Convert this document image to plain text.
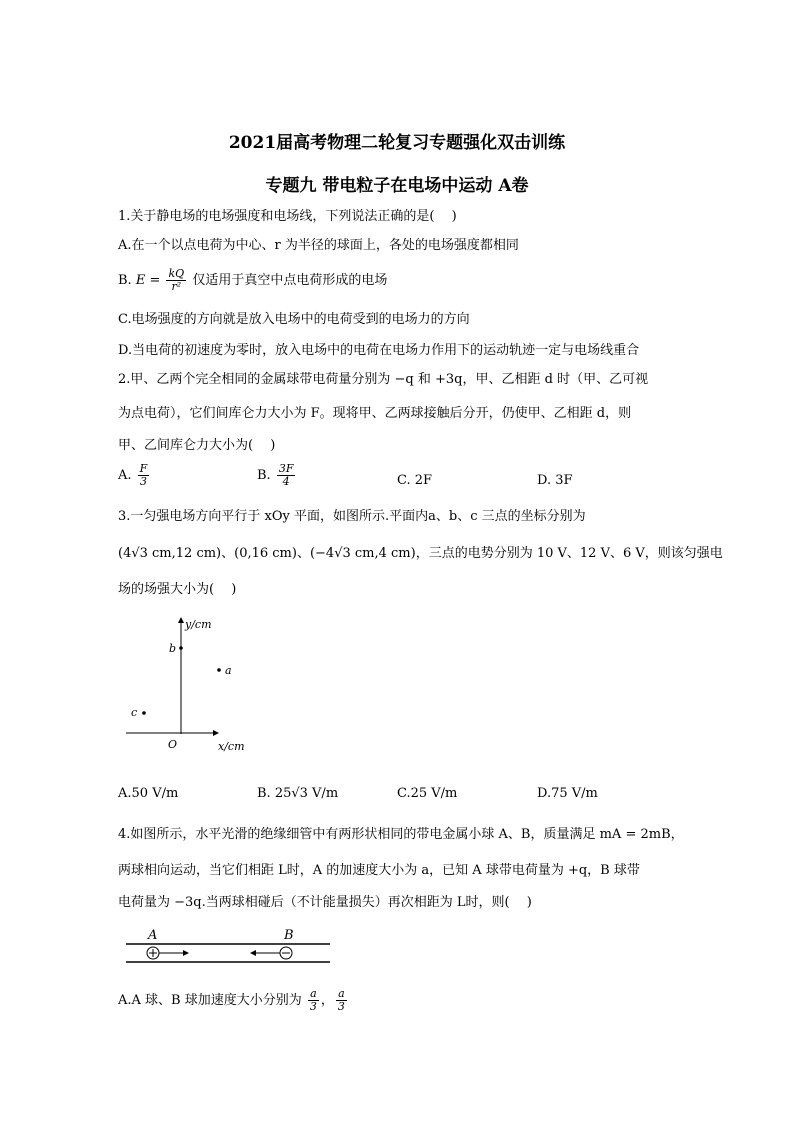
2021届高考物理二轮复习专题强化双击训练
专题九 带电粒子在电场中运动 A卷
1.关于静电场的电场强度和电场线，下列说法正确的是(　 )
A.在一个以点电荷为中心、r 为半径的球面上，各处的电场强度都相同
B. $E = \frac{kQ}{\text{r²}}$ 仅适用于真空中点电荷形成的电场
C.电场强度的方向就是放入电场中的电荷受到的电场力的方向
D.当电荷的初速度为零时，放入电场中的电荷在电场力作用下的运动轨迹一定与电场线重合
2.甲、乙两个完全相同的金属球带电荷量分别为 −q 和 +3q，甲、乙相距 d 时（甲、乙可视
为点电荷），它们间库仑力大小为 F。现将甲、乙两球接触后分开，仍使甲、乙相距 d，则
甲、乙间库仑力大小为(　 )
A. $\frac{F}{3}$	B. $\frac{3F}{4}$	C. 2F	D. 3F
3.一匀强电场方向平行于 xOy 平面，如图所示.平面内a、b、c 三点的坐标分别为
(4√3 cm,12 cm)、(0,16 cm)、(−4√3 cm,4 cm)，三点的电势分别为 10 V、12 V、6 V，则该匀强电
场的场强大小为(　 )
y/cm
x/cm
O
b
a
c
A.50 V/m	B. 25√3 V/m	C.25 V/m	D.75 V/m
4.如图所示，水平光滑的绝缘细管中有两形状相同的带电金属小球 A、B，质量满足 mA = 2mB，
两球相向运动，当它们相距 L时，A 的加速度大小为 a，已知 A 球带电荷量为 +q，B 球带
电荷量为 −3q.当两球相碰后（不计能量损失）再次相距为 L时，则(　 )
A	B
A.A 球、B 球加速度大小分别为 $\frac{a}{3}$ ， $\frac{a}{3}$
